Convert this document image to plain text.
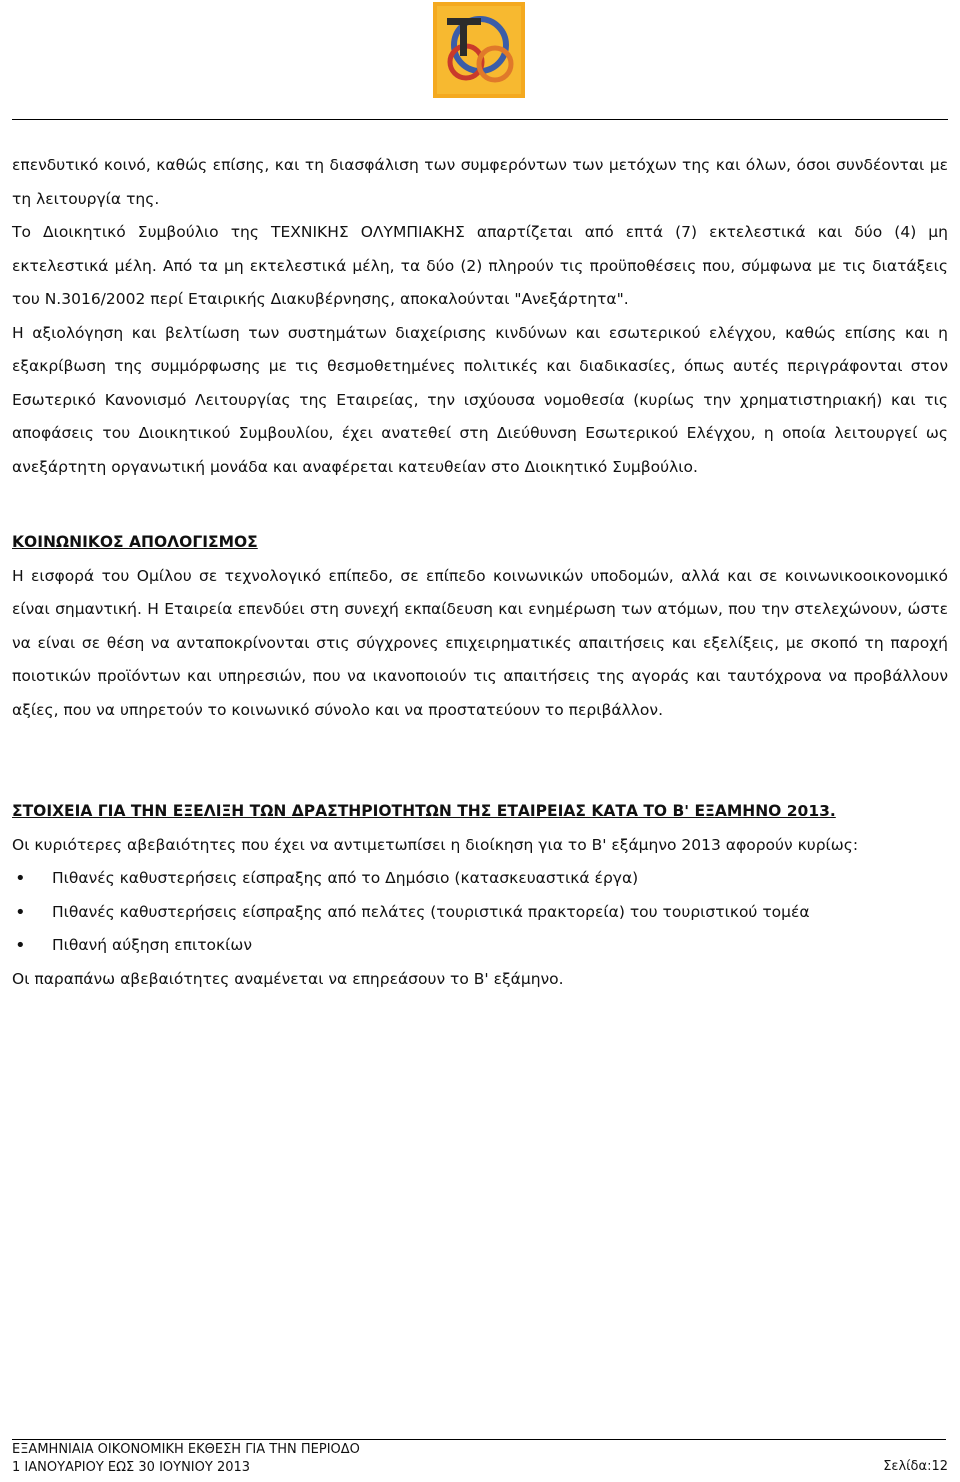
επενδυτικό κοινό, καθώς επίσης, και τη διασφάλιση των συμφερόντων των μετόχων της και όλων, όσοι συνδέονται με τη λειτουργία της.

Το Διοικητικό Συμβούλιο της ΤΕΧΝΙΚΗΣ ΟΛΥΜΠΙΑΚΗΣ απαρτίζεται από επτά (7) εκτελεστικά και δύο (4) μη εκτελεστικά μέλη. Από τα μη εκτελεστικά μέλη, τα δύο (2) πληρούν τις προϋποθέσεις που, σύμφωνα με τις διατάξεις του Ν.3016/2002 περί Εταιρικής Διακυβέρνησης, αποκαλούνται "Ανεξάρτητα".

Η αξιολόγηση και βελτίωση των συστημάτων διαχείρισης κινδύνων και εσωτερικού ελέγχου, καθώς επίσης και η εξακρίβωση της συμμόρφωσης με τις θεσμοθετημένες πολιτικές και διαδικασίες, όπως αυτές περιγράφονται στον Εσωτερικό Κανονισμό Λειτουργίας της Εταιρείας, την ισχύουσα νομοθεσία (κυρίως την χρηματιστηριακή) και τις αποφάσεις του Διοικητικού Συμβουλίου, έχει ανατεθεί στη Διεύθυνση Εσωτερικού Ελέγχου, η οποία λειτουργεί ως ανεξάρτητη οργανωτική μονάδα και αναφέρεται κατευθείαν στο Διοικητικό Συμβούλιο.

ΚΟΙΝΩΝΙΚΟΣ ΑΠΟΛΟΓΙΣΜΟΣ

Η εισφορά του Ομίλου σε τεχνολογικό επίπεδο, σε επίπεδο κοινωνικών υποδομών, αλλά και σε κοινωνικοοικονομικό είναι σημαντική. Η Εταιρεία επενδύει στη συνεχή εκπαίδευση και ενημέρωση των ατόμων, που την στελεχώνουν, ώστε να είναι σε θέση να ανταποκρίνονται στις σύγχρονες επιχειρηματικές απαιτήσεις και εξελίξεις, με σκοπό τη παροχή ποιοτικών προϊόντων και υπηρεσιών, που να ικανοποιούν τις απαιτήσεις της αγοράς και ταυτόχρονα να προβάλλουν αξίες, που να υπηρετούν το κοινωνικό σύνολο και να προστατεύουν το περιβάλλον.

ΣΤΟΙΧΕΙΑ ΓΙΑ ΤΗΝ ΕΞΕΛΙΞΗ ΤΩΝ ΔΡΑΣΤΗΡΙΟΤΗΤΩΝ ΤΗΣ ΕΤΑΙΡΕΙΑΣ ΚΑΤΑ ΤΟ Β' ΕΞΑΜΗΝΟ 2013.

Οι κυριότερες αβεβαιότητες που έχει να αντιμετωπίσει η διοίκηση για το Β' εξάμηνο 2013 αφορούν κυρίως:

• Πιθανές καθυστερήσεις είσπραξης από το Δημόσιο (κατασκευαστικά έργα)
• Πιθανές καθυστερήσεις είσπραξης από πελάτες (τουριστικά πρακτορεία) του τουριστικού τομέα
• Πιθανή αύξηση επιτοκίων

Οι παραπάνω αβεβαιότητες αναμένεται να επηρεάσουν το Β' εξάμηνο.

ΕΞΑΜΗΝΙΑΙΑ ΟΙΚΟΝΟΜΙΚΗ ΕΚΘΕΣΗ ΓΙΑ ΤΗΝ ΠΕΡΙΟΔΟ
1 ΙΑΝΟΥΑΡΙΟΥ ΕΩΣ 30 ΙΟΥΝΙΟΥ 2013	Σελίδα:12
